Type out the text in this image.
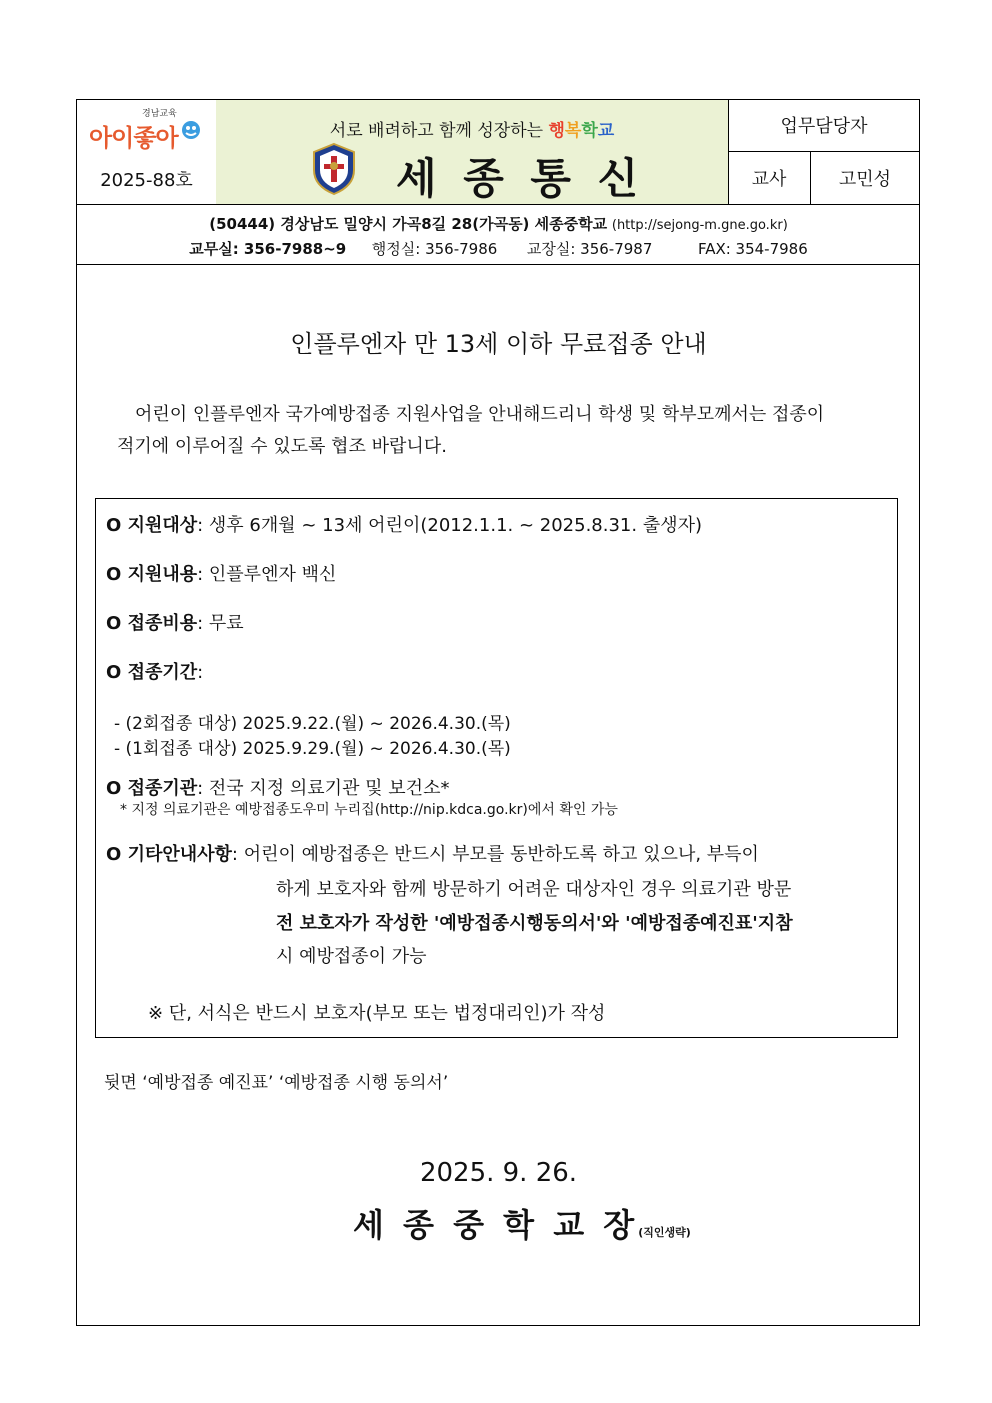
경남교육
아이좋아
2025-88호
서로 배려하고 함께 성장하는 행복학교
세 종 통 신
업무담당자
교사	고민성
(50444) 경상남도 밀양시 가곡8길 28(가곡동) 세종중학교 (http://sejong-m.gne.go.kr)
교무실: 356-7988~9 행정실: 356-7986 교장실: 356-7987	FAX: 354-7986
인플루엔자 만 13세 이하 무료접종 안내
어린이 인플루엔자 국가예방접종 지원사업을 안내해드리니 학생 및 학부모께서는 접종이
적기에 이루어질 수 있도록 협조 바랍니다.
O 지원대상: 생후 6개월 ~ 13세 어린이(2012.1.1. ~ 2025.8.31. 출생자)
O 지원내용: 인플루엔자 백신
O 접종비용: 무료
O 접종기간:
- (2회접종 대상) 2025.9.22.(월) ~ 2026.4.30.(목)
- (1회접종 대상) 2025.9.29.(월) ~ 2026.4.30.(목)
O 접종기관: 전국 지정 의료기관 및 보건소*
* 지정 의료기관은 예방접종도우미 누리집(http://nip.kdca.go.kr)에서 확인 가능
O 기타안내사항: 어린이 예방접종은 반드시 부모를 동반하도록 하고 있으나, 부득이
하게 보호자와 함께 방문하기 어려운 대상자인 경우 의료기관 방문
전 보호자가 작성한 '예방접종시행동의서'와 '예방접종예진표'지참
시 예방접종이 가능
※ 단, 서식은 반드시 보호자(부모 또는 법정대리인)가 작성
뒷면 ‘예방접종 예진표’ ‘예방접종 시행 동의서’
2025. 9. 26.
세 종 중 학 교 장(직인생략)
